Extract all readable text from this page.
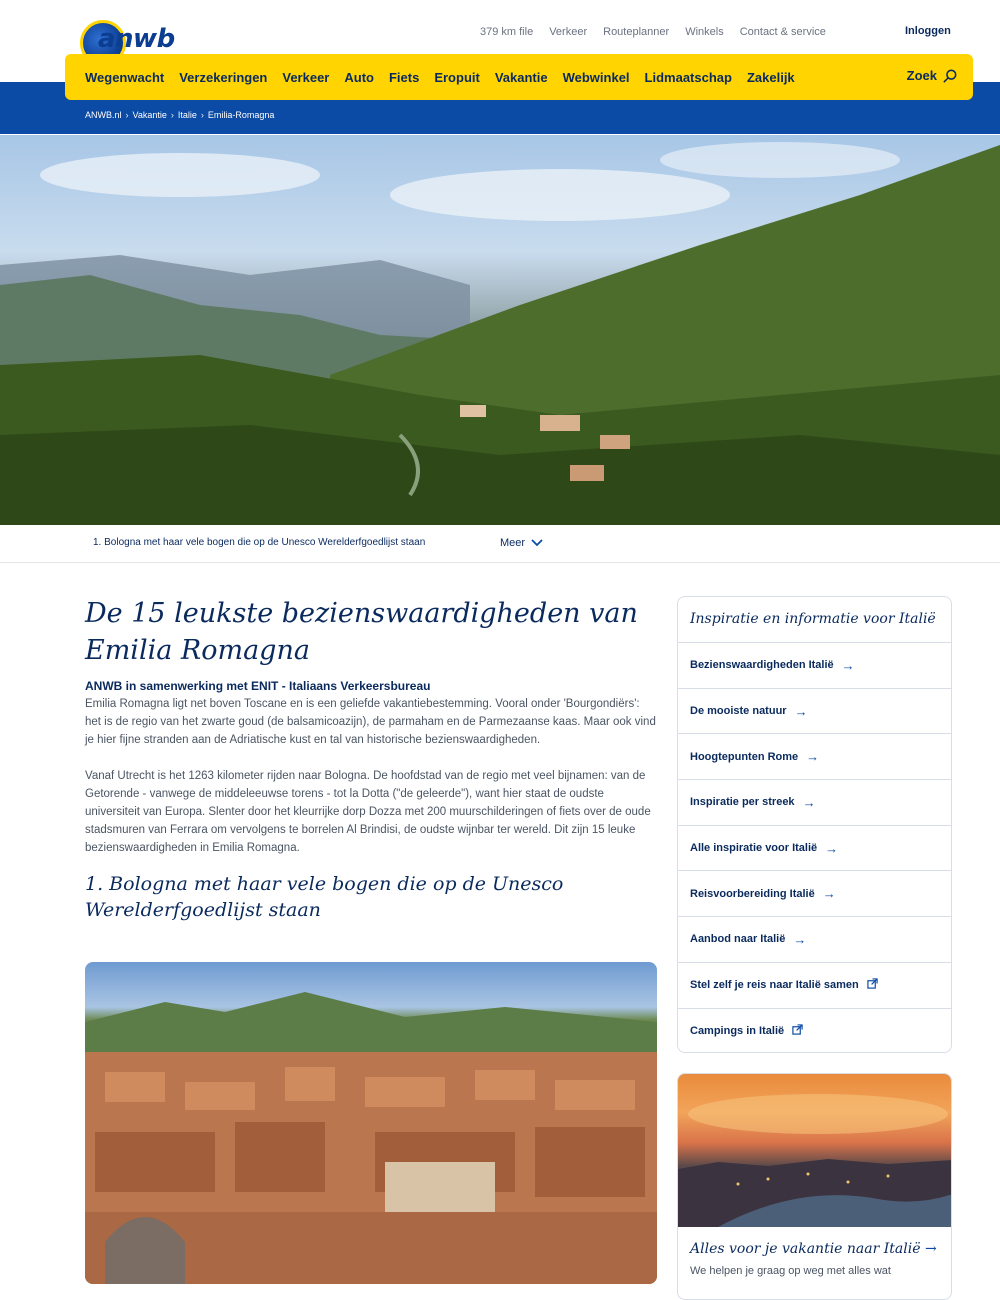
anwb	379 km file Verkeer Routeplanner Winkels Contact & service	Inloggen
Wegenwacht Verzekeringen Verkeer Auto Fiets Eropuit Vakantie Webwinkel Lidmaatschap Zakelijk	Zoek
ANWB.nl › Vakantie › Italie › Emilia-Romagna
1. Bologna met haar vele bogen die op de Unesco Werelderfgoedlijst staan	Meer
De 15 leukste bezienswaardigheden van Emilia Romagna
ANWB in samenwerking met ENIT - Italiaans Verkeersbureau

Emilia Romagna ligt net boven Toscane en is een geliefde vakantiebestemming. Vooral onder 'Bourgondiërs': het is de regio van het zwarte goud (de balsamicoazijn), de parmaham en de Parmezaanse kaas. Maar ook vind je hier fijne stranden aan de Adriatische kust en tal van historische bezienswaardigheden.

Vanaf Utrecht is het 1263 kilometer rijden naar Bologna. De hoofdstad van de regio met veel bijnamen: van de Getorende - vanwege de middeleeuwse torens - tot la Dotta ("de geleerde"), want hier staat de oudste universiteit van Europa. Slenter door het kleurrijke dorp Dozza met 200 muurschilderingen of fiets over de oude stadsmuren van Ferrara om vervolgens te borrelen Al Brindisi, de oudste wijnbar ter wereld. Dit zijn 15 leuke bezienswaardigheden in Emilia Romagna.

1. Bologna met haar vele bogen die op de Unesco Werelderfgoedlijst staan
Inspiratie en informatie voor Italië
Bezienswaardigheden Italië →
De mooiste natuur →
Hoogtepunten Rome →
Inspiratie per streek →
Alle inspiratie voor Italië →
Reisvoorbereiding Italië →
Aanbod naar Italië →
Stel zelf je reis naar Italië samen
Campings in Italië
Alles voor je vakantie naar Italië →
We helpen je graag op weg met alles wat
